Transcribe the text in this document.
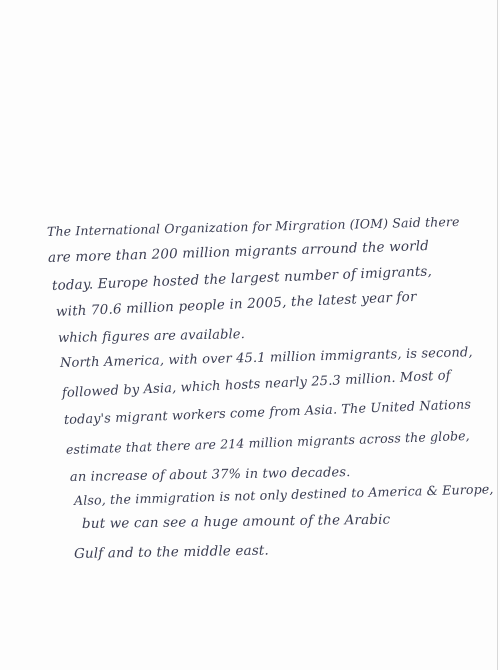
The International Organization for Mirgration (IOM) Said there
are more than 200 million migrants arround the world
today. Europe hosted the largest number of imigrants,
with 70.6 million people in 2005, the latest year for
which figures are available.
North America, with over 45.1 million immigrants, is second,
followed by Asia, which hosts nearly 25.3 million. Most of
today's migrant workers come from Asia. The United Nations
estimate that there are 214 million migrants across the globe,
an increase of about 37% in two decades.
Also, the immigration is not only destined to America & Europe,
but we can see a huge amount of the Arabic
Gulf and to the middle east.
